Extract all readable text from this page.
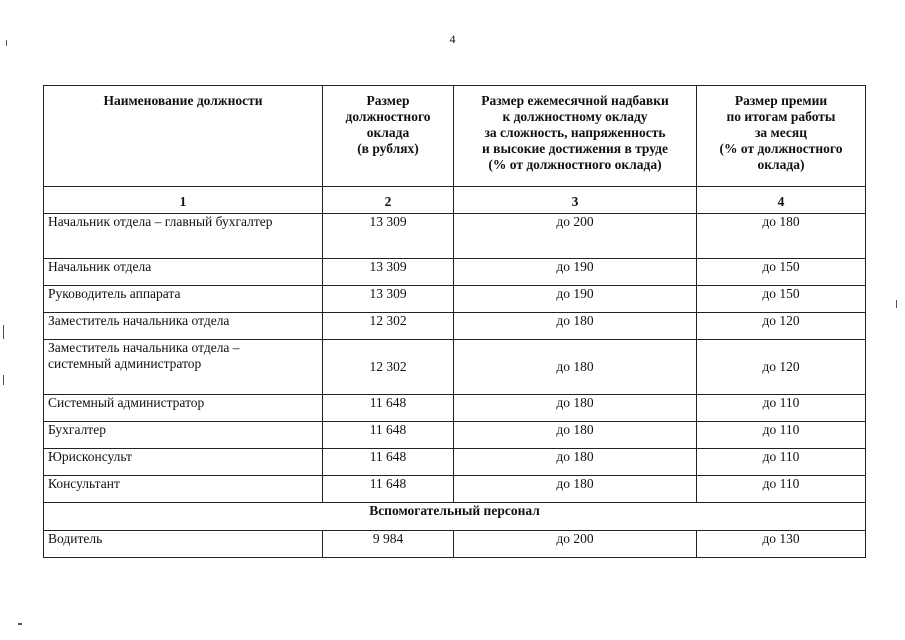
4
Наименование должности	Размер
должностного
оклада
(в рублях)	Размер ежемесячной надбавки
к должностному окладу
за сложность, напряженность
и высокие достижения в труде
(% от должностного оклада)	Размер премии
по итогам работы
за месяц
(% от должностного
оклада)
1	2	3	4
Начальник отдела – главный бухгалтер	13 309	до 200	до 180
Начальник отдела	13 309	до 190	до 150
Руководитель аппарата	13 309	до 190	до 150
Заместитель начальника отдела	12 302	до 180	до 120
Заместитель начальника отдела –
системный администратор	12 302	до 180	до 120
Системный администратор	11 648	до 180	до 110
Бухгалтер	11 648	до 180	до 110
Юрисконсульт	11 648	до 180	до 110
Консультант	11 648	до 180	до 110
Вспомогательный персонал			
Водитель	9 984	до 200	до 130
